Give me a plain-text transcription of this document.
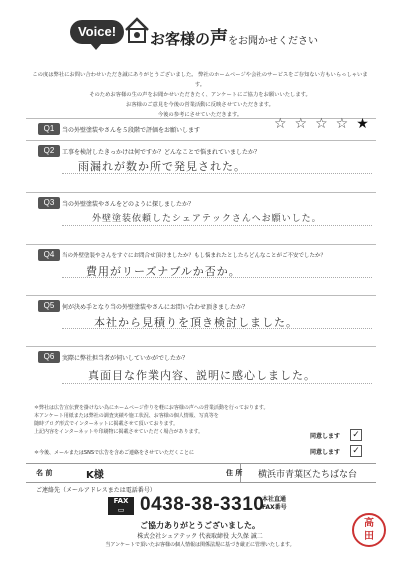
Voice!	お客様の声をお聞かせください
この度は弊社にお問い合わせいただき誠にありがとうございました。 弊社のホームページや会社のサービスをご存知ない方もいらっしゃいます。
そのためお客様の生の声をお聞かせいただきたく、アンケートにご協力をお願いいたします。
お客様のご意見を今後の営業活動に反映させていただきます。
今後の参考にさせていただきます。
Q1	当の外壁塗装やさんを５段階で評価をお願いします	☆☆☆☆★
Q2	工事を検討したきっかけは何ですか？どんなことで悩まれていましたか？
雨漏れが数か所で発見された。
Q3	当の外壁塗装やさんをどのように探しましたか？
外壁塗装依頼したシェアテックさんへお願いした。
Q4	当の外壁塗装やさんをすぐにお問合せ頂けましたか？もし悩まれたとしたらどんなことがご不安でしたか？
費用がリーズナブルか否か。
Q5	何が決め手となり当の外壁塗装やさんにお問い合わせ頂きましたか？
本社から見積りを頂き検討しました。
Q6	実際に弊社担当者が伺いしていかがでしたか？
真面目な作業内容、説明に感心しました。
＊弊社は広告宣伝費を掛けない為にホームページ作りを軽にお客様の声への営業活動を行っております。
本アンケート用紙または弊社の調査実績や施工状況、お客様の個人情報、写真等を
随時ブログ形式でインターネットに掲載させて頂いております。
上記内容をインターネットや印刷物に掲載させていただく場合があります。
同意します ✓
＊今後、メールまたはSNSで広告を含めご連絡をさせていただくことに	同意します ✓
名 前	K様	住 所 横浜市青葉区たちばな台
ご連絡先（メールアドレスまたは電話番号）
FAX
▭ 0438-38-3310
本社直通 FAX番号
ご協力ありがとうございました。
株式会社シェアテック 代表取締役 大久保 誠二
当アンケートで頂いたお客様の個人情報は関係法規に基づき厳正に管理いたします。
高田
